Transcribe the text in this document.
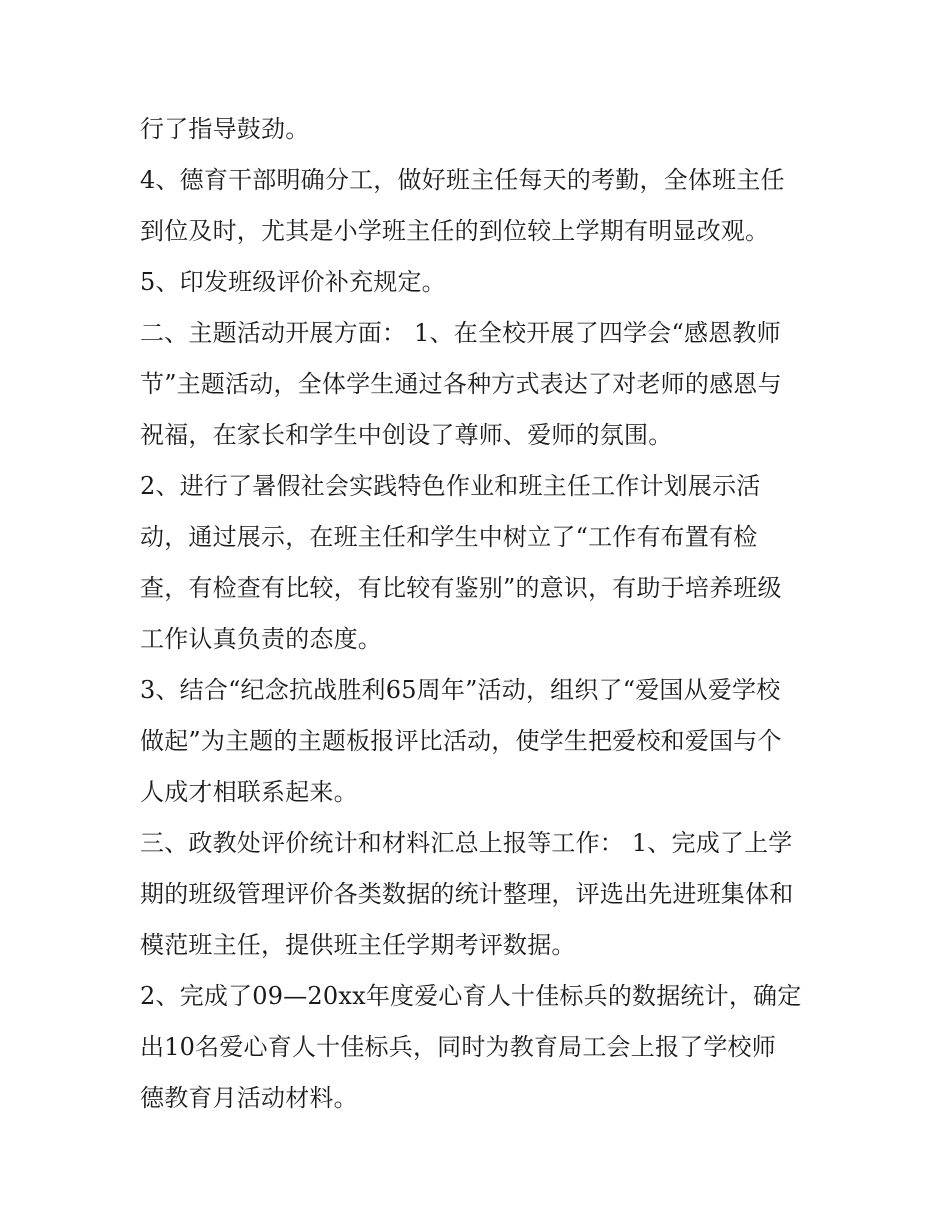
行了指导鼓劲。
4、德育干部明确分工，做好班主任每天的考勤，全体班主任
到位及时，尤其是小学班主任的到位较上学期有明显改观。
5、印发班级评价补充规定。
二、主题活动开展方面： 1、在全校开展了四学会“感恩教师
节”主题活动，全体学生通过各种方式表达了对老师的感恩与
祝福，在家长和学生中创设了尊师、爱师的氛围。
2、进行了暑假社会实践特色作业和班主任工作计划展示活
动，通过展示，在班主任和学生中树立了“工作有布置有检
查，有检查有比较，有比较有鉴别”的意识，有助于培养班级
工作认真负责的态度。
3、结合“纪念抗战胜利65周年”活动，组织了“爱国从爱学校
做起”为主题的主题板报评比活动，使学生把爱校和爱国与个
人成才相联系起来。
三、政教处评价统计和材料汇总上报等工作： 1、完成了上学
期的班级管理评价各类数据的统计整理，评选出先进班集体和
模范班主任，提供班主任学期考评数据。
2、完成了09—20xx年度爱心育人十佳标兵的数据统计，确定
出10名爱心育人十佳标兵，同时为教育局工会上报了学校师
德教育月活动材料。
